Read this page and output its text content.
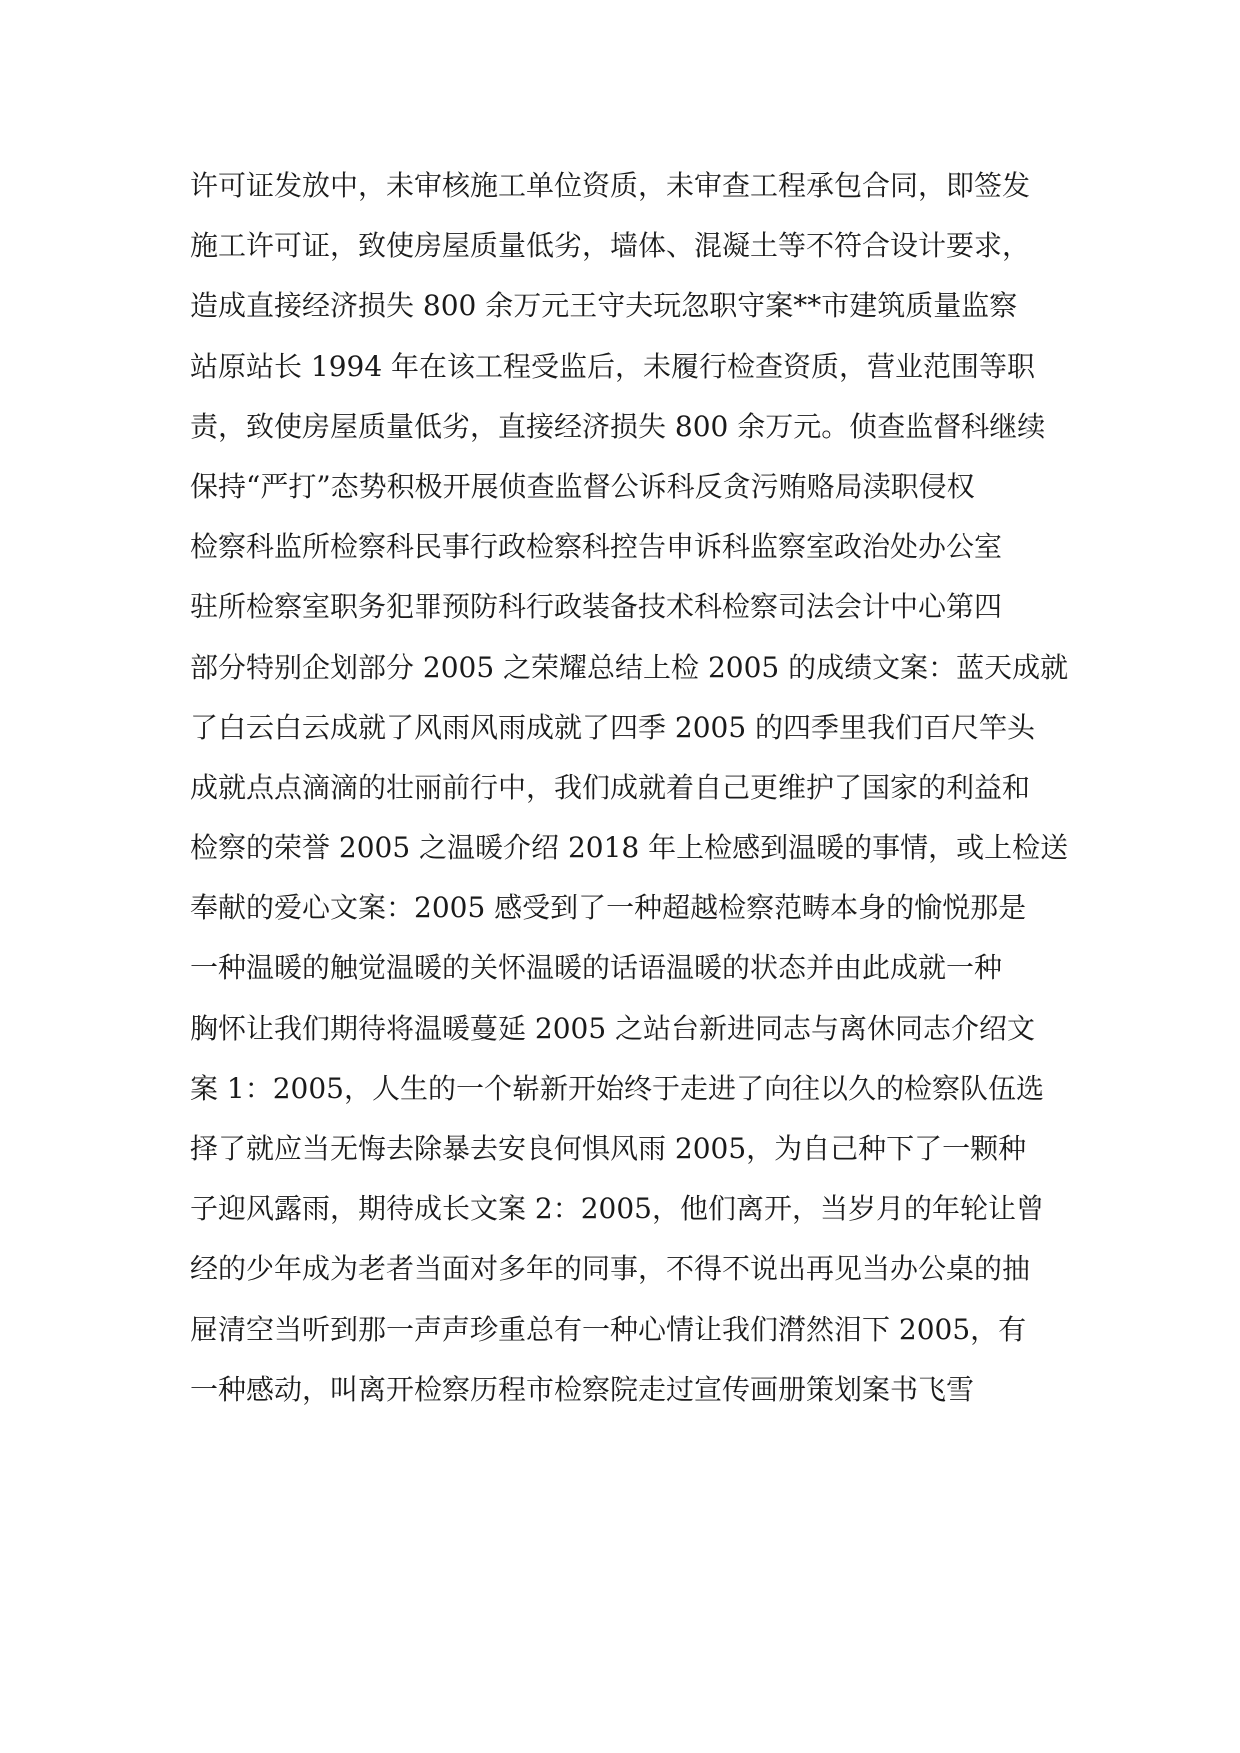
许可证发放中，未审核施工单位资质，未审查工程承包合同，即签发
施工许可证，致使房屋质量低劣，墙体、混凝土等不符合设计要求，
造成直接经济损失 800 余万元王守夫玩忽职守案**市建筑质量监察
站原站长 1994 年在该工程受监后，未履行检查资质，营业范围等职
责，致使房屋质量低劣，直接经济损失 800 余万元。侦查监督科继续
保持“严打”态势积极开展侦查监督公诉科反贪污贿赂局渎职侵权
检察科监所检察科民事行政检察科控告申诉科监察室政治处办公室
驻所检察室职务犯罪预防科行政装备技术科检察司法会计中心第四
部分特别企划部分 2005 之荣耀总结上检 2005 的成绩文案：蓝天成就
了白云白云成就了风雨风雨成就了四季 2005 的四季里我们百尺竿头
成就点点滴滴的壮丽前行中，我们成就着自己更维护了国家的利益和
检察的荣誉 2005 之温暖介绍 2018 年上检感到温暖的事情，或上检送
奉献的爱心文案：2005 感受到了一种超越检察范畴本身的愉悦那是
一种温暖的触觉温暖的关怀温暖的话语温暖的状态并由此成就一种
胸怀让我们期待将温暖蔓延 2005 之站台新进同志与离休同志介绍文
案 1：2005，人生的一个崭新开始终于走进了向往以久的检察队伍选
择了就应当无悔去除暴去安良何惧风雨 2005，为自己种下了一颗种
子迎风露雨，期待成长文案 2：2005，他们离开，当岁月的年轮让曾
经的少年成为老者当面对多年的同事，不得不说出再见当办公桌的抽
屉清空当听到那一声声珍重总有一种心情让我们潸然泪下 2005，有
一种感动，叫离开检察历程市检察院走过宣传画册策划案书飞雪
